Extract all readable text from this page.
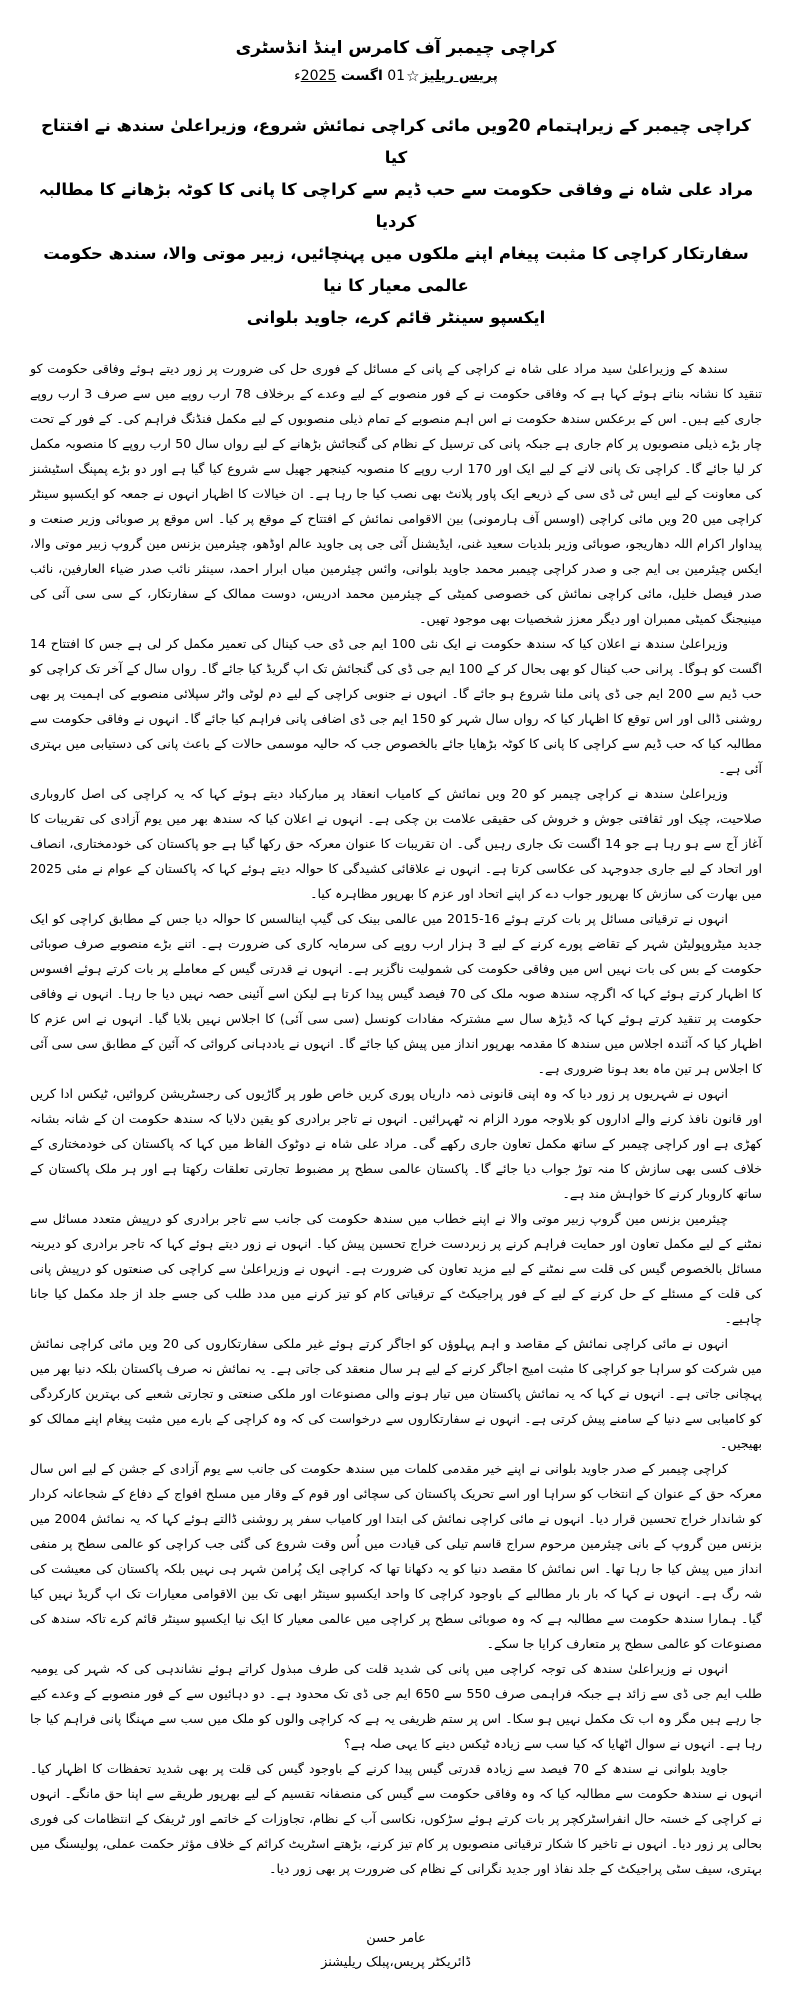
کراچی چیمبر آف کامرس اینڈ انڈسٹری
پریس ریلیز☆01 اگست 2025ء
کراچی چیمبر کے زیراہتمام 20ویں مائی کراچی نمائش شروع، وزیراعلیٰ سندھ نے افتتاح کیا
مراد علی شاہ نے وفاقی حکومت سے حب ڈیم سے کراچی کا پانی کا کوٹہ بڑھانے کا مطالبہ کردیا
سفارتکار کراچی کا مثبت پیغام اپنے ملکوں میں پہنچائیں، زبیر موتی والا، سندھ حکومت عالمی معیار کا نیا
ایکسپو سینٹر قائم کرے، جاوید بلوانی

سندھ کے وزیراعلیٰ سید مراد علی شاہ نے کراچی کے پانی کے مسائل کے فوری حل کی ضرورت پر زور دیتے ہوئے وفاقی حکومت کو تنقید کا نشانہ بناتے ہوئے کہا ہے کہ وفاقی حکومت نے کے فور منصوبے کے لیے وعدے کے برخلاف 78 ارب روپے میں سے صرف 3 ارب روپے جاری کیے ہیں۔ اس کے برعکس سندھ حکومت نے اس اہم منصوبے کے تمام ذیلی منصوبوں کے لیے مکمل فنڈنگ فراہم کی۔ کے فور کے تحت چار بڑے ذیلی منصوبوں پر کام جاری ہے جبکہ پانی کی ترسیل کے نظام کی گنجائش بڑھانے کے لیے رواں سال 50 ارب روپے کا منصوبہ مکمل کر لیا جائے گا۔ کراچی تک پانی لانے کے لیے ایک اور 170 ارب روپے کا منصوبہ کینجھر جھیل سے شروع کیا گیا ہے اور دو بڑے پمپنگ اسٹیشنز کی معاونت کے لیے ایس ٹی ڈی سی کے ذریعے ایک پاور پلانٹ بھی نصب کیا جا رہا ہے۔ ان خیالات کا اظہار انہوں نے جمعہ کو ایکسپو سینٹر کراچی میں 20 ویں مائی کراچی (اوسس آف ہارمونی) بین الاقوامی نمائش کے افتتاح کے موقع پر کیا۔ اس موقع پر صوبائی وزیر صنعت و پیداوار اکرام اللہ دھاریجو، صوبائی وزیر بلدیات سعید غنی، ایڈیشنل آئی جی پی جاوید عالم اوڈھو، چیئرمین بزنس مین گروپ زبیر موتی والا، ایکس چیئرمین بی ایم جی و صدر کراچی چیمبر محمد جاوید بلوانی، وائس چیئرمین میاں ابرار احمد، سینئر نائب صدر ضیاء العارفین، نائب صدر فیصل خلیل، مائی کراچی نمائش کی خصوصی کمیٹی کے چیئرمین محمد ادریس، دوست ممالک کے سفارتکار، کے سی سی آئی کی مینیجنگ کمیٹی ممبران اور دیگر معزز شخصیات بھی موجود تھیں۔

وزیراعلیٰ سندھ نے اعلان کیا کہ سندھ حکومت نے ایک نئی 100 ایم جی ڈی حب کینال کی تعمیر مکمل کر لی ہے جس کا افتتاح 14 اگست کو ہوگا۔ پرانی حب کینال کو بھی بحال کر کے 100 ایم جی ڈی کی گنجائش تک اپ گریڈ کیا جائے گا۔ رواں سال کے آخر تک کراچی کو حب ڈیم سے 200 ایم جی ڈی پانی ملنا شروع ہو جائے گا۔ انہوں نے جنوبی کراچی کے لیے دم لوٹی واٹر سپلائی منصوبے کی اہمیت پر بھی روشنی ڈالی اور اس توقع کا اظہار کیا کہ رواں سال شہر کو 150 ایم جی ڈی اضافی پانی فراہم کیا جائے گا۔ انہوں نے وفاقی حکومت سے مطالبہ کیا کہ حب ڈیم سے کراچی کا پانی کا کوٹہ بڑھایا جائے بالخصوص جب کہ حالیہ موسمی حالات کے باعث پانی کی دستیابی میں بہتری آئی ہے۔

وزیراعلیٰ سندھ نے کراچی چیمبر کو 20 ویں نمائش کے کامیاب انعقاد پر مبارکباد دیتے ہوئے کہا کہ یہ کراچی کی اصل کاروباری صلاحیت، چیک اور ثقافتی جوش و خروش کی حقیقی علامت بن چکی ہے۔ انہوں نے اعلان کیا کہ سندھ بھر میں یوم آزادی کی تقریبات کا آغاز آج سے ہو رہا ہے جو 14 اگست تک جاری رہیں گی۔ ان تقریبات کا عنوان معرکہ حق رکھا گیا ہے جو پاکستان کی خودمختاری، انصاف اور اتحاد کے لیے جاری جدوجہد کی عکاسی کرتا ہے۔ انہوں نے علاقائی کشیدگی کا حوالہ دیتے ہوئے کہا کہ پاکستان کے عوام نے مئی 2025 میں بھارت کی سازش کا بھرپور جواب دے کر اپنے اتحاد اور عزم کا بھرپور مظاہرہ کیا۔

انہوں نے ترقیاتی مسائل پر بات کرتے ہوئے 16-2015 میں عالمی بینک کی گیپ اینالسس کا حوالہ دیا جس کے مطابق کراچی کو ایک جدید میٹروپولیٹن شہر کے تقاضے پورے کرنے کے لیے 3 ہزار ارب روپے کی سرمایہ کاری کی ضرورت ہے۔ اتنے بڑے منصوبے صرف صوبائی حکومت کے بس کی بات نہیں اس میں وفاقی حکومت کی شمولیت ناگزیر ہے۔ انہوں نے قدرتی گیس کے معاملے پر بات کرتے ہوئے افسوس کا اظہار کرتے ہوئے کہا کہ اگرچہ سندھ صوبہ ملک کی 70 فیصد گیس پیدا کرتا ہے لیکن اسے آئینی حصہ نہیں دیا جا رہا۔ انہوں نے وفاقی حکومت پر تنقید کرتے ہوئے کہا کہ ڈیڑھ سال سے مشترکہ مفادات کونسل (سی سی آئی) کا اجلاس نہیں بلایا گیا۔ انہوں نے اس عزم کا اظہار کیا کہ آئندہ اجلاس میں سندھ کا مقدمہ بھرپور انداز میں پیش کیا جائے گا۔ انہوں نے یاددہانی کروائی کہ آئین کے مطابق سی سی آئی کا اجلاس ہر تین ماہ بعد ہونا ضروری ہے۔

انہوں نے شہریوں پر زور دیا کہ وہ اپنی قانونی ذمہ داریاں پوری کریں خاص طور پر گاڑیوں کی رجسٹریشن کروائیں، ٹیکس ادا کریں اور قانون نافذ کرنے والے اداروں کو بلاوجہ مورد الزام نہ ٹھہرائیں۔ انہوں نے تاجر برادری کو یقین دلایا کہ سندھ حکومت ان کے شانہ بشانہ کھڑی ہے اور کراچی چیمبر کے ساتھ مکمل تعاون جاری رکھے گی۔ مراد علی شاہ نے دوٹوک الفاظ میں کہا کہ پاکستان کی خودمختاری کے خلاف کسی بھی سازش کا منہ توڑ جواب دیا جائے گا۔ پاکستان عالمی سطح پر مضبوط تجارتی تعلقات رکھتا ہے اور ہر ملک پاکستان کے ساتھ کاروبار کرنے کا خواہش مند ہے۔

چیئرمین بزنس مین گروپ زبیر موتی والا نے اپنے خطاب میں سندھ حکومت کی جانب سے تاجر برادری کو درپیش متعدد مسائل سے نمٹنے کے لیے مکمل تعاون اور حمایت فراہم کرنے پر زبردست خراج تحسین پیش کیا۔ انہوں نے زور دیتے ہوئے کہا کہ تاجر برادری کو دیرینہ مسائل بالخصوص گیس کی قلت سے نمٹنے کے لیے مزید تعاون کی ضرورت ہے۔ انہوں نے وزیراعلیٰ سے کراچی کی صنعتوں کو درپیش پانی کی قلت کے مسئلے کے حل کرنے کے لیے کے فور پراجیکٹ کے ترقیاتی کام کو تیز کرنے میں مدد طلب کی جسے جلد از جلد مکمل کیا جانا چاہیے۔

انہوں نے مائی کراچی نمائش کے مقاصد و اہم پہلوؤں کو اجاگر کرتے ہوئے غیر ملکی سفارتکاروں کی 20 ویں مائی کراچی نمائش میں شرکت کو سراہا جو کراچی کا مثبت امیج اجاگر کرنے کے لیے ہر سال منعقد کی جاتی ہے۔ یہ نمائش نہ صرف پاکستان بلکہ دنیا بھر میں پہچانی جاتی ہے۔ انہوں نے کہا کہ یہ نمائش پاکستان میں تیار ہونے والی مصنوعات اور ملکی صنعتی و تجارتی شعبے کی بہترین کارکردگی کو کامیابی سے دنیا کے سامنے پیش کرتی ہے۔ انہوں نے سفارتکاروں سے درخواست کی کہ وہ کراچی کے بارے میں مثبت پیغام اپنے ممالک کو بھیجیں۔

کراچی چیمبر کے صدر جاوید بلوانی نے اپنے خیر مقدمی کلمات میں سندھ حکومت کی جانب سے یوم آزادی کے جشن کے لیے اس سال معرکہ حق کے عنوان کے انتخاب کو سراہا اور اسے تحریک پاکستان کی سچائی اور قوم کے وقار میں مسلح افواج کے دفاع کے شجاعانہ کردار کو شاندار خراج تحسین قرار دیا۔ انہوں نے مائی کراچی نمائش کی ابتدا اور کامیاب سفر پر روشنی ڈالتے ہوئے کہا کہ یہ نمائش 2004 میں بزنس مین گروپ کے بانی چیئرمین مرحوم سراج قاسم تیلی کی قیادت میں اُس وقت شروع کی گئی جب کراچی کو عالمی سطح پر منفی انداز میں پیش کیا جا رہا تھا۔ اس نمائش کا مقصد دنیا کو یہ دکھانا تھا کہ کراچی ایک پُرامن شہر ہی نہیں بلکہ پاکستان کی معیشت کی شہ رگ ہے۔ انہوں نے کہا کہ بار بار مطالبے کے باوجود کراچی کا واحد ایکسپو سینٹر ابھی تک بین الاقوامی معیارات تک اپ گریڈ نہیں کیا گیا۔ ہمارا سندھ حکومت سے مطالبہ ہے کہ وہ صوبائی سطح پر کراچی میں عالمی معیار کا ایک نیا ایکسپو سینٹر قائم کرے تاکہ سندھ کی مصنوعات کو عالمی سطح پر متعارف کرایا جا سکے۔

انہوں نے وزیراعلیٰ سندھ کی توجہ کراچی میں پانی کی شدید قلت کی طرف مبذول کراتے ہوئے نشاندہی کی کہ شہر کی یومیہ طلب ایم جی ڈی سے زائد ہے جبکہ فراہمی صرف 550 سے 650 ایم جی ڈی تک محدود ہے۔ دو دہائیوں سے کے فور منصوبے کے وعدے کیے جا رہے ہیں مگر وہ اب تک مکمل نہیں ہو سکا۔ اس پر ستم ظریفی یہ ہے کہ کراچی والوں کو ملک میں سب سے مہنگا پانی فراہم کیا جا رہا ہے۔ انہوں نے سوال اٹھایا کہ کیا سب سے زیادہ ٹیکس دینے کا یہی صلہ ہے؟

جاوید بلوانی نے سندھ کے 70 فیصد سے زیادہ قدرتی گیس پیدا کرنے کے باوجود گیس کی قلت پر بھی شدید تحفظات کا اظہار کیا۔ انہوں نے سندھ حکومت سے مطالبہ کیا کہ وہ وفاقی حکومت سے گیس کی منصفانہ تقسیم کے لیے بھرپور طریقے سے اپنا حق مانگے۔ انہوں نے کراچی کے خستہ حال انفراسٹرکچر پر بات کرتے ہوئے سڑکوں، نکاسی آب کے نظام، تجاوزات کے خاتمے اور ٹریفک کے انتظامات کی فوری بحالی پر زور دیا۔ انہوں نے تاخیر کا شکار ترقیاتی منصوبوں پر کام تیز کرنے، بڑھتے اسٹریٹ کرائم کے خلاف مؤثر حکمت عملی، پولیسنگ میں بہتری، سیف سٹی پراجیکٹ کے جلد نفاذ اور جدید نگرانی کے نظام کی ضرورت پر بھی زور دیا۔

عامر حسن
ڈائریکٹر پریس،پبلک ریلیشنز
